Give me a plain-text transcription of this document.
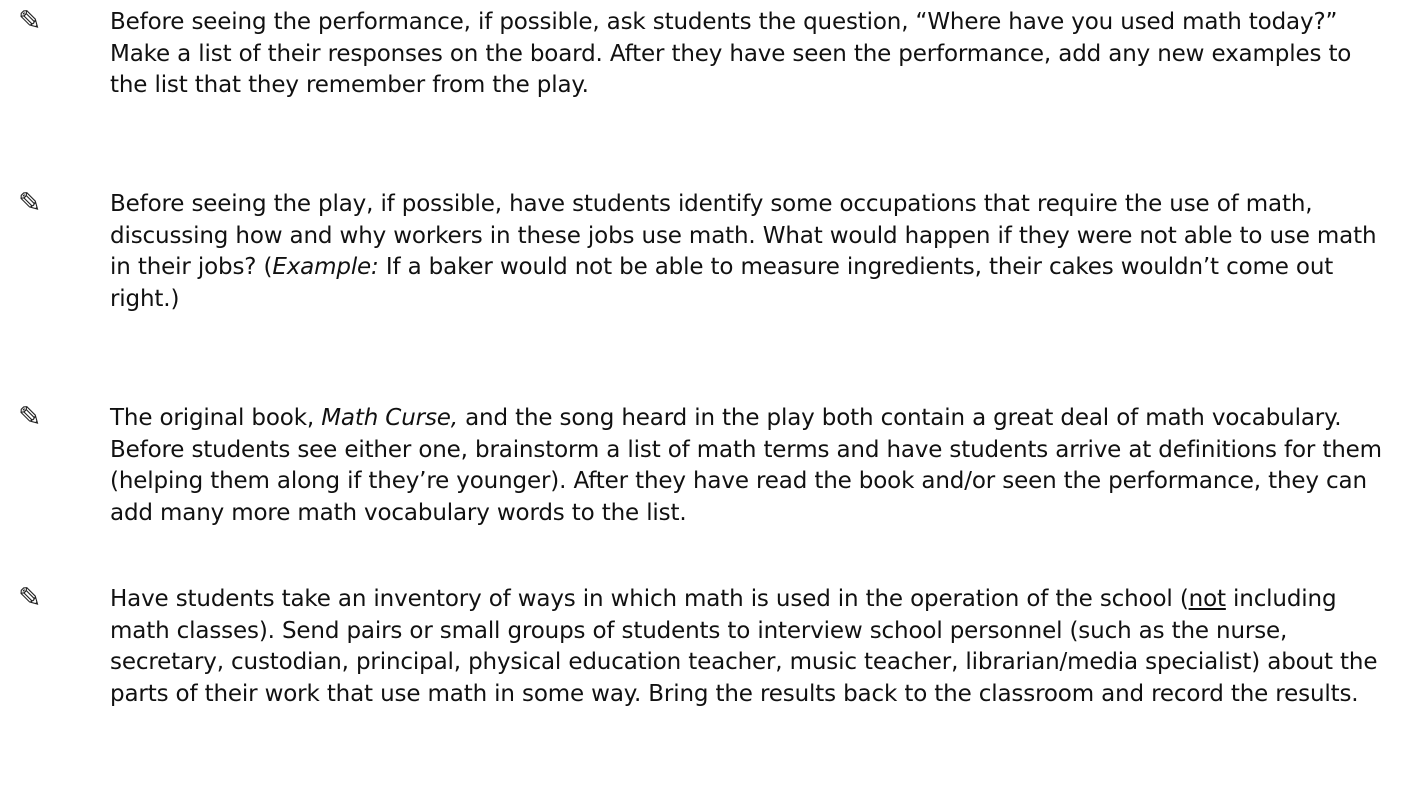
✎	Before seeing the performance, if possible, ask students the question, “Where have you used math today?” Make a list of their responses on the board. After they have seen the performance, add any new examples to the list that they remember from the play.

✎	Before seeing the play, if possible, have students identify some occupations that require the use of math, discussing how and why workers in these jobs use math. What would happen if they were not able to use math in their jobs? (Example: If a baker would not be able to measure ingredients, their cakes wouldn’t come out right.)

✎	The original book, Math Curse, and the song heard in the play both contain a great deal of math vocabulary. Before students see either one, brainstorm a list of math terms and have students arrive at definitions for them (helping them along if they’re younger). After they have read the book and/or seen the performance, they can add many more math vocabulary words to the list.

✎	Have students take an inventory of ways in which math is used in the operation of the school (not including math classes). Send pairs or small groups of students to interview school personnel (such as the nurse, secretary, custodian, principal, physical education teacher, music teacher, librarian/media specialist) about the parts of their work that use math in some way. Bring the results back to the classroom and record the results.
